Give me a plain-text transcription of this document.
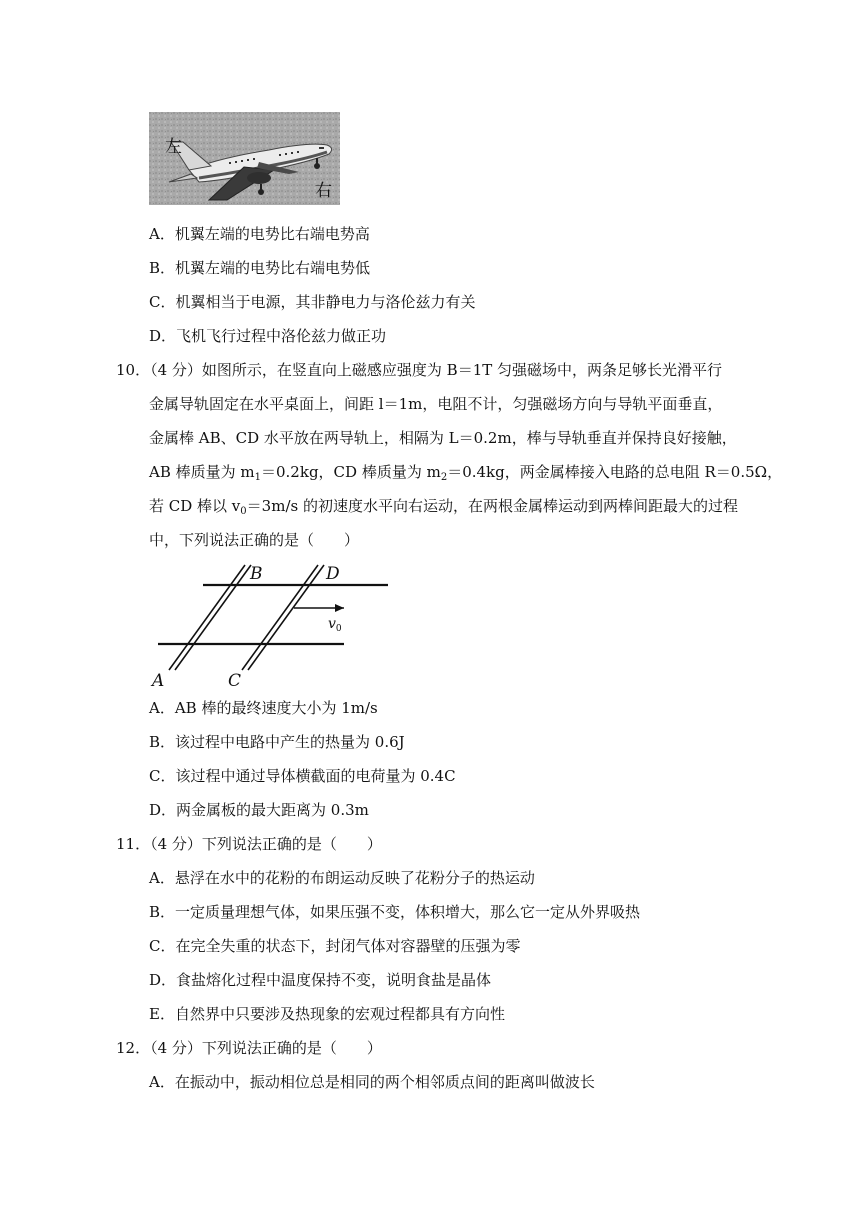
左
右
A．机翼左端的电势比右端电势高
B．机翼左端的电势比右端电势低
C．机翼相当于电源，其非静电力与洛伦兹力有关
D．飞机飞行过程中洛伦兹力做正功
10．（4 分）如图所示，在竖直向上磁感应强度为 B＝1T 匀强磁场中，两条足够长光滑平行
金属导轨固定在水平桌面上，间距 l＝1m，电阻不计，匀强磁场方向与导轨平面垂直，
金属棒 AB、CD 水平放在两导轨上，相隔为 L＝0.2m，棒与导轨垂直并保持良好接触，
AB 棒质量为 $m_1=0.2kg$，CD 棒质量为 $m_2=0.4kg$，两金属棒接入电路的总电阻 R＝0.5Ω，
若 CD 棒以 $v_0=3m/s$ 的初速度水平向右运动，在两根金属棒运动到两棒间距最大的过程
中，下列说法正确的是（　　）
A
B
C
D
$v_0$
A．AB 棒的最终速度大小为 1m/s
B．该过程中电路中产生的热量为 0.6J
C．该过程中通过导体横截面的电荷量为 0.4C
D．两金属板的最大距离为 0.3m
11．（4 分）下列说法正确的是（　　）
A．悬浮在水中的花粉的布朗运动反映了花粉分子的热运动
B．一定质量理想气体，如果压强不变，体积增大，那么它一定从外界吸热
C．在完全失重的状态下，封闭气体对容器壁的压强为零
D．食盐熔化过程中温度保持不变，说明食盐是晶体
E．自然界中只要涉及热现象的宏观过程都具有方向性
12．（4 分）下列说法正确的是（　　）
A．在振动中，振动相位总是相同的两个相邻质点间的距离叫做波长
